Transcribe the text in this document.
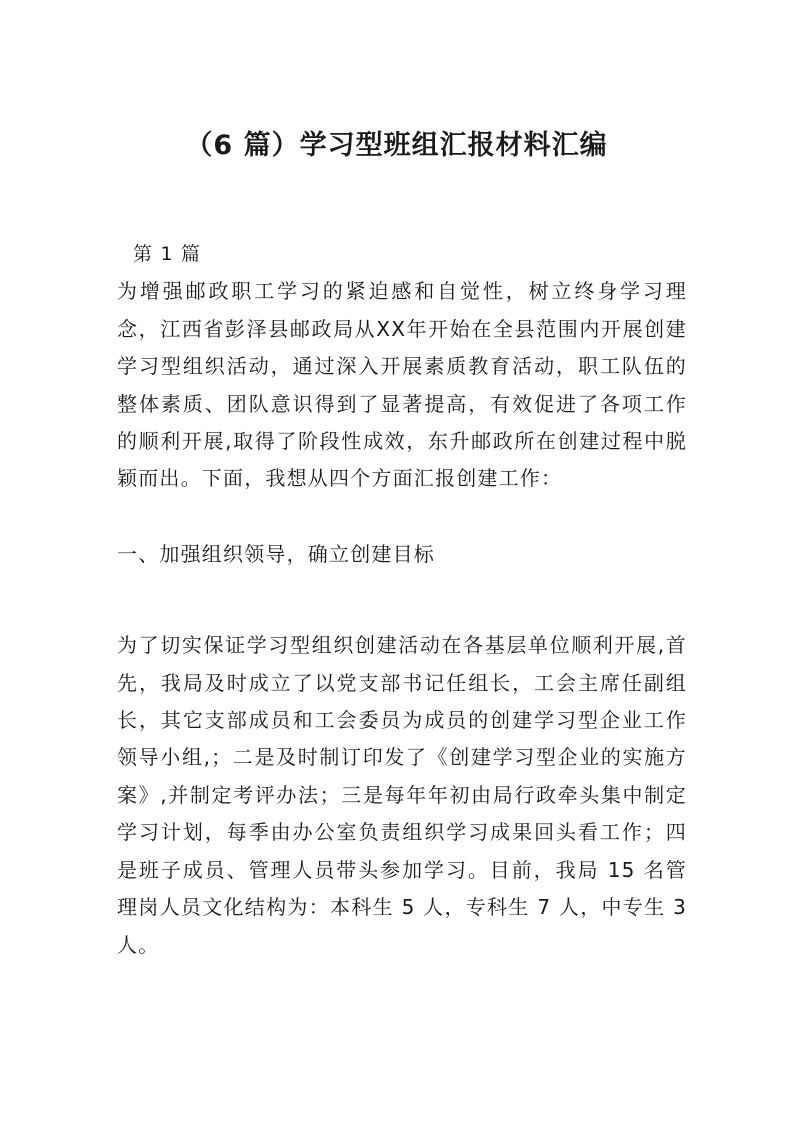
（6 篇）学习型班组汇报材料汇编

第 1 篇

为增强邮政职工学习的紧迫感和自觉性，树立终身学习理念，江西省彭泽县邮政局从XX年开始在全县范围内开展创建学习型组织活动，通过深入开展素质教育活动，职工队伍的整体素质、团队意识得到了显著提高，有效促进了各项工作的顺利开展,取得了阶段性成效，东升邮政所在创建过程中脱颖而出。下面，我想从四个方面汇报创建工作：

一、加强组织领导，确立创建目标

为了切实保证学习型组织创建活动在各基层单位顺利开展,首先，我局及时成立了以党支部书记任组长，工会主席任副组长，其它支部成员和工会委员为成员的创建学习型企业工作领导小组,；二是及时制订印发了《创建学习型企业的实施方案》,并制定考评办法；三是每年年初由局行政牵头集中制定学习计划，每季由办公室负责组织学习成果回头看工作；四是班子成员、管理人员带头参加学习。目前，我局 15 名管理岗人员文化结构为：本科生 5 人，专科生 7 人，中专生 3 人。
